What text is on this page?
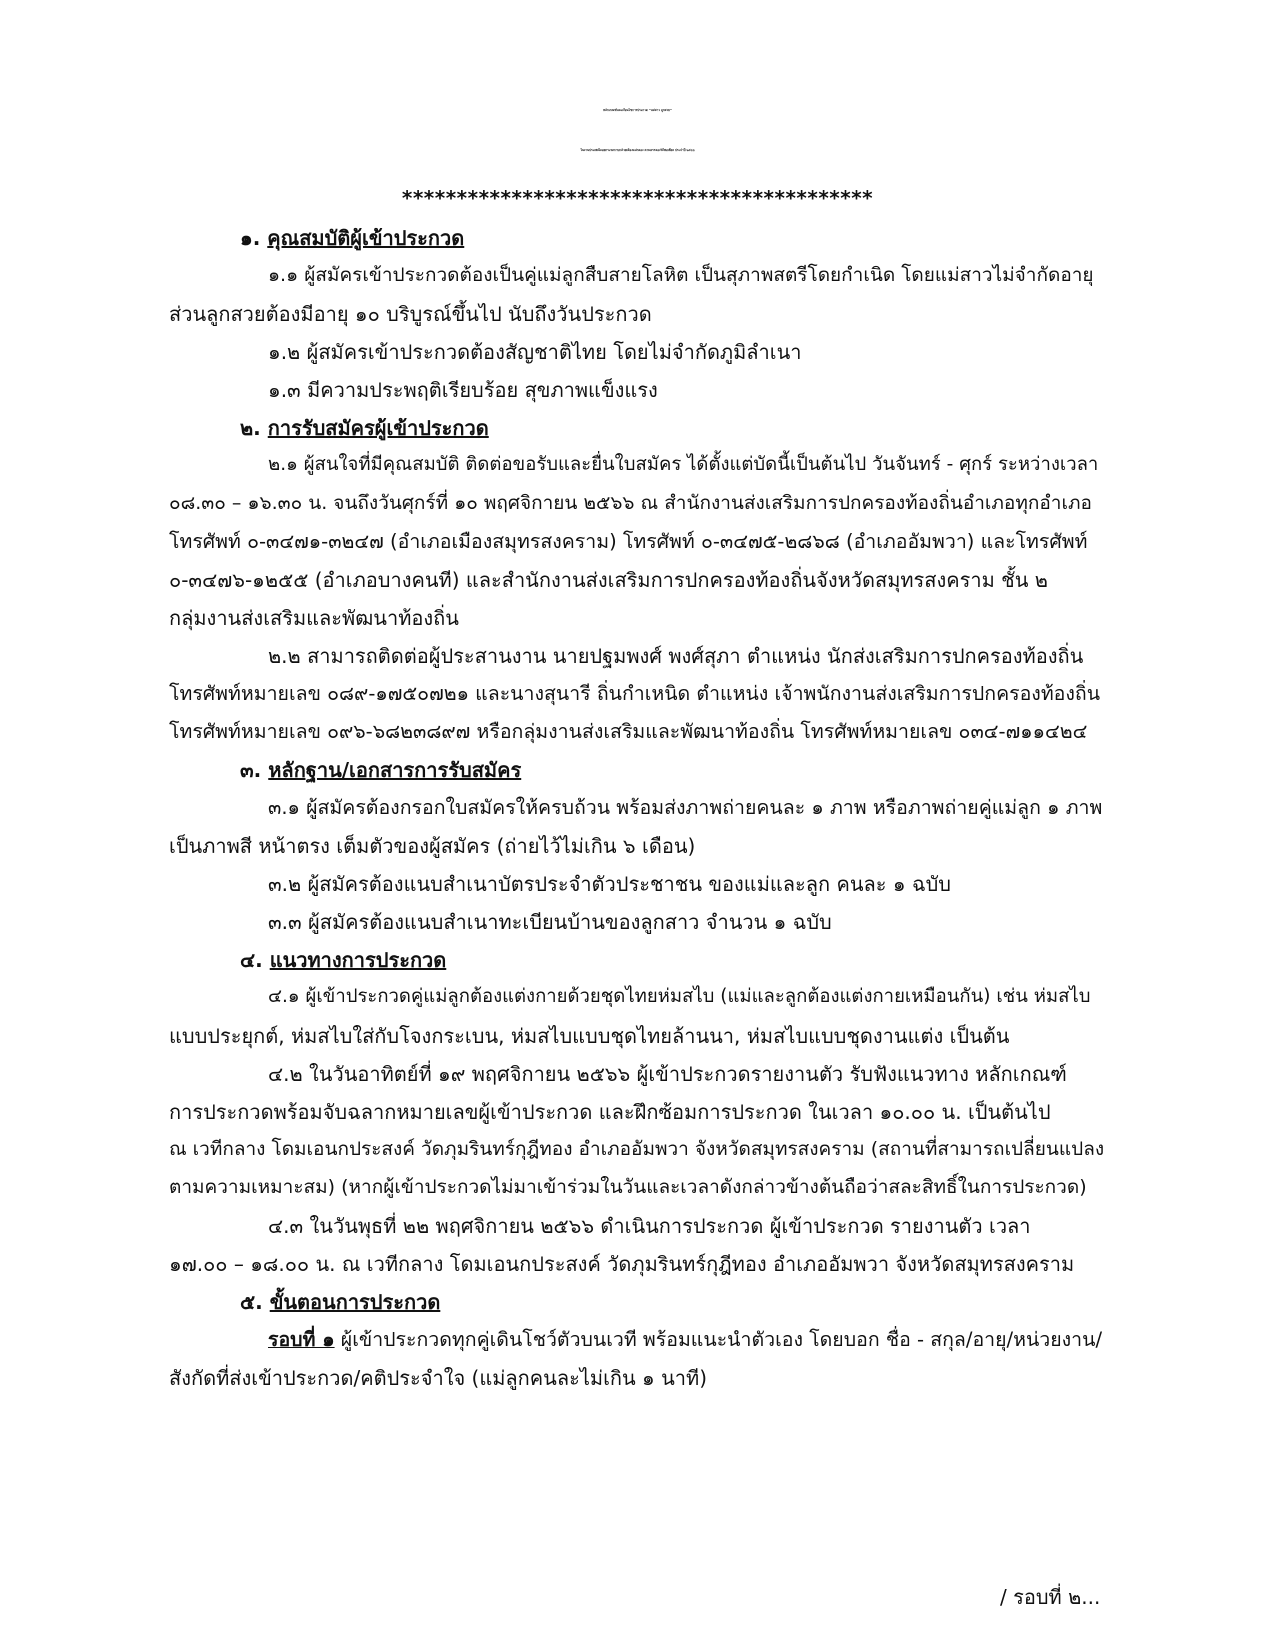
หลักเกณฑ์และเงื่อนไขการประกวด “แม่สาว ลูกสวย”
ในงานประเพณีลอยกระทงกาบกล้วยเมืองแม่กลอง ตามครรลองวิถีพอเพียง ประจำปี ๒๕๖๖
*******************************************
๑. คุณสมบัติผู้เข้าประกวด
๑.๑ ผู้สมัครเข้าประกวดต้องเป็นคู่แม่ลูกสืบสายโลหิต เป็นสุภาพสตรีโดยกำเนิด โดยแม่สาวไม่จำกัดอายุ
ส่วนลูกสวยต้องมีอายุ ๑๐ บริบูรณ์ขึ้นไป นับถึงวันประกวด
๑.๒ ผู้สมัครเข้าประกวดต้องสัญชาติไทย โดยไม่จำกัดภูมิลำเนา
๑.๓ มีความประพฤติเรียบร้อย สุขภาพแข็งแรง
๒. การรับสมัครผู้เข้าประกวด
๒.๑ ผู้สนใจที่มีคุณสมบัติ ติดต่อขอรับและยื่นใบสมัคร ได้ตั้งแต่บัดนี้เป็นต้นไป วันจันทร์ - ศุกร์ ระหว่างเวลา
๐๘.๓๐ – ๑๖.๓๐ น. จนถึงวันศุกร์ที่ ๑๐ พฤศจิกายน ๒๕๖๖ ณ สำนักงานส่งเสริมการปกครองท้องถิ่นอำเภอทุกอำเภอ
โทรศัพท์ ๐-๓๔๗๑-๓๒๔๗ (อำเภอเมืองสมุทรสงคราม) โทรศัพท์ ๐-๓๔๗๕-๒๘๖๘ (อำเภออัมพวา) และโทรศัพท์
๐-๓๔๗๖-๑๒๕๕ (อำเภอบางคนที) และสำนักงานส่งเสริมการปกครองท้องถิ่นจังหวัดสมุทรสงคราม ชั้น ๒
กลุ่มงานส่งเสริมและพัฒนาท้องถิ่น
๒.๒ สามารถติดต่อผู้ประสานงาน นายปฐมพงศ์ พงศ์สุภา ตำแหน่ง นักส่งเสริมการปกครองท้องถิ่น
โทรศัพท์หมายเลข ๐๘๙-๑๗๕๐๗๒๑ และนางสุนารี ถิ่นกำเหนิด ตำแหน่ง เจ้าพนักงานส่งเสริมการปกครองท้องถิ่น
โทรศัพท์หมายเลข ๐๙๖-๖๘๒๓๘๙๗ หรือกลุ่มงานส่งเสริมและพัฒนาท้องถิ่น โทรศัพท์หมายเลข ๐๓๔-๗๑๑๔๒๔
๓. หลักฐาน/เอกสารการรับสมัคร
๓.๑ ผู้สมัครต้องกรอกใบสมัครให้ครบถ้วน พร้อมส่งภาพถ่ายคนละ ๑ ภาพ หรือภาพถ่ายคู่แม่ลูก ๑ ภาพ
เป็นภาพสี หน้าตรง เต็มตัวของผู้สมัคร (ถ่ายไว้ไม่เกิน ๖ เดือน)
๓.๒ ผู้สมัครต้องแนบสำเนาบัตรประจำตัวประชาชน ของแม่และลูก คนละ ๑ ฉบับ
๓.๓ ผู้สมัครต้องแนบสำเนาทะเบียนบ้านของลูกสาว จำนวน ๑ ฉบับ
๔. แนวทางการประกวด
๔.๑ ผู้เข้าประกวดคู่แม่ลูกต้องแต่งกายด้วยชุดไทยห่มสไบ (แม่และลูกต้องแต่งกายเหมือนกัน) เช่น ห่มสไบ
แบบประยุกต์, ห่มสไบใส่กับโจงกระเบน, ห่มสไบแบบชุดไทยล้านนา, ห่มสไบแบบชุดงานแต่ง เป็นต้น
๔.๒ ในวันอาทิตย์ที่ ๑๙ พฤศจิกายน ๒๕๖๖ ผู้เข้าประกวดรายงานตัว รับฟังแนวทาง หลักเกณฑ์
การประกวดพร้อมจับฉลากหมายเลขผู้เข้าประกวด และฝึกซ้อมการประกวด ในเวลา ๑๐.๐๐ น. เป็นต้นไป
ณ เวทีกลาง โดมเอนกประสงค์ วัดภุมรินทร์กุฎีทอง อำเภออัมพวา จังหวัดสมุทรสงคราม (สถานที่สามารถเปลี่ยนแปลง
ตามความเหมาะสม) (หากผู้เข้าประกวดไม่มาเข้าร่วมในวันและเวลาดังกล่าวข้างต้นถือว่าสละสิทธิ์ในการประกวด)
๔.๓ ในวันพุธที่ ๒๒ พฤศจิกายน ๒๕๖๖ ดำเนินการประกวด ผู้เข้าประกวด รายงานตัว เวลา
๑๗.๐๐ – ๑๘.๐๐ น. ณ เวทีกลาง โดมเอนกประสงค์ วัดภุมรินทร์กุฎีทอง อำเภออัมพวา จังหวัดสมุทรสงคราม
๕. ขั้นตอนการประกวด
รอบที่ ๑ ผู้เข้าประกวดทุกคู่เดินโชว์ตัวบนเวที พร้อมแนะนำตัวเอง โดยบอก ชื่อ - สกุล/อายุ/หน่วยงาน/
สังกัดที่ส่งเข้าประกวด/คติประจำใจ (แม่ลูกคนละไม่เกิน ๑ นาที)
/ รอบที่ ๒...
